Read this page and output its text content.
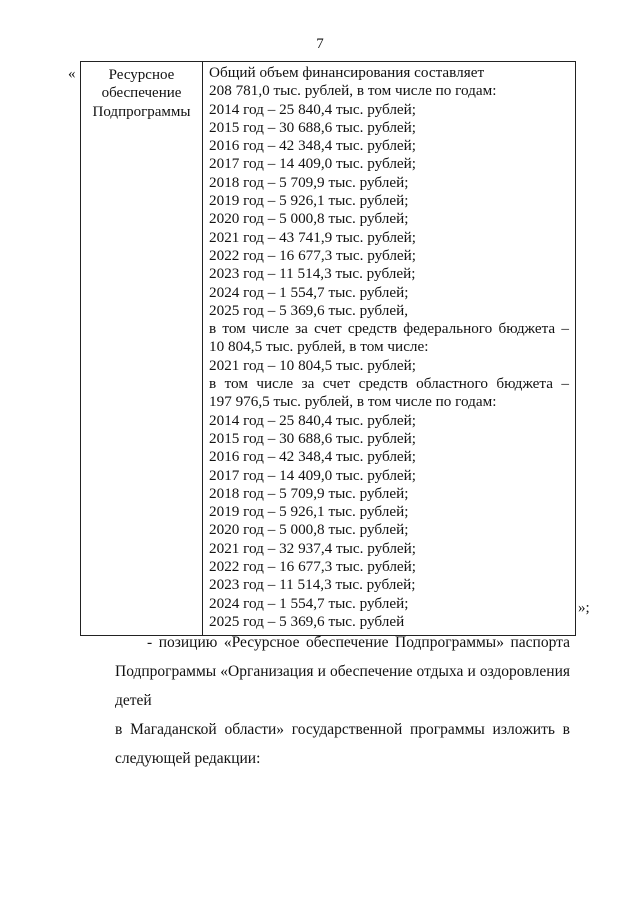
7
«	Ресурсное
обеспечение
Подпрограммы

Общий объем финансирования составляет
208 781,0 тыс. рублей, в том числе по годам:
2014 год – 25 840,4 тыс. рублей;
2015 год – 30 688,6 тыс. рублей;
2016 год – 42 348,4 тыс. рублей;
2017 год – 14 409,0 тыс. рублей;
2018 год – 5 709,9 тыс. рублей;
2019 год – 5 926,1 тыс. рублей;
2020 год – 5 000,8 тыс. рублей;
2021 год – 43 741,9 тыс. рублей;
2022 год – 16 677,3 тыс. рублей;
2023 год – 11 514,3 тыс. рублей;
2024 год – 1 554,7 тыс. рублей;
2025 год – 5 369,6 тыс. рублей,
в том числе за счет средств федерального бюджета –
10 804,5 тыс. рублей, в том числе:
2021 год – 10 804,5 тыс. рублей;
в том числе за счет средств областного бюджета –
197 976,5 тыс. рублей, в том числе по годам:
2014 год – 25 840,4 тыс. рублей;
2015 год – 30 688,6 тыс. рублей;
2016 год – 42 348,4 тыс. рублей;
2017 год – 14 409,0 тыс. рублей;
2018 год – 5 709,9 тыс. рублей;
2019 год – 5 926,1 тыс. рублей;
2020 год – 5 000,8 тыс. рублей;
2021 год – 32 937,4 тыс. рублей;
2022 год – 16 677,3 тыс. рублей;
2023 год – 11 514,3 тыс. рублей;
2024 год – 1 554,7 тыс. рублей;
2025 год – 5 369,6 тыс. рублей
»;
- позицию «Ресурсное обеспечение Подпрограммы» паспорта
Подпрограммы «Организация и обеспечение отдыха и оздоровления детей
в Магаданской области» государственной программы изложить в
следующей редакции:
